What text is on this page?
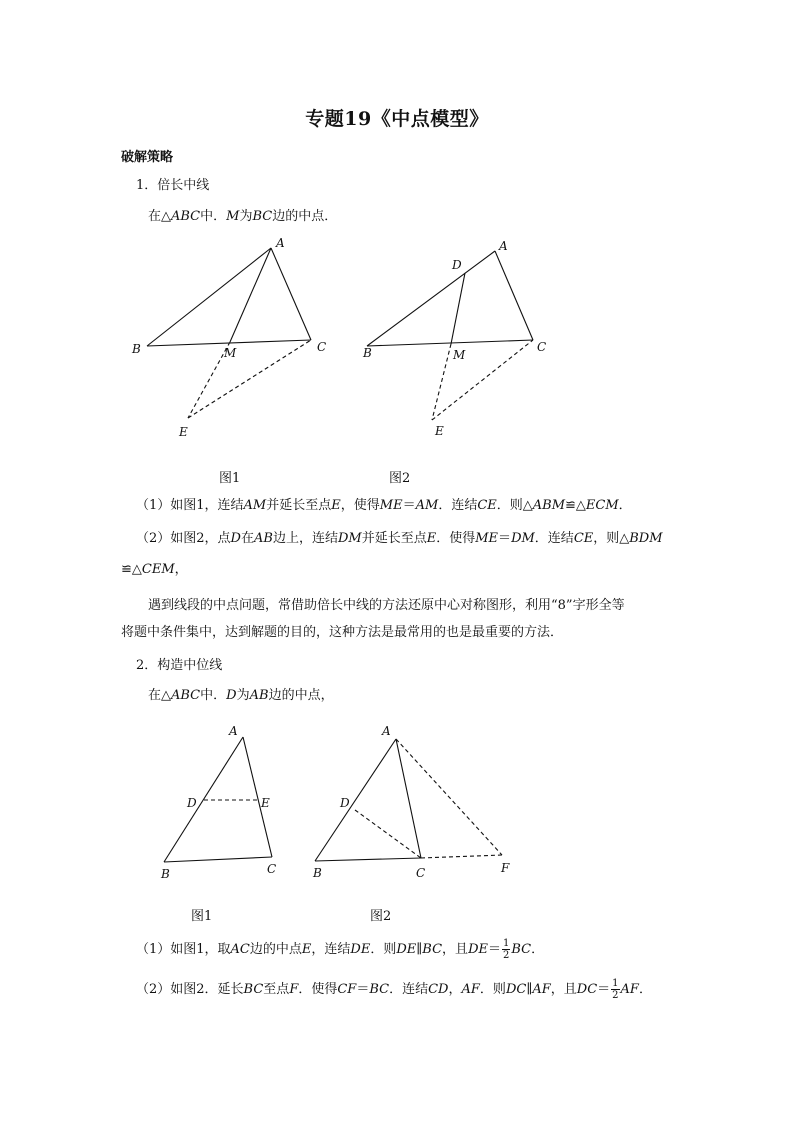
专题19《中点模型》
破解策略
1．倍长中线
在△ABC中．M为BC边的中点．
A
B	C
M
E
A
D
B	C
M
E
图1	图2
（1）如图1，连结AM并延长至点E，使得ME＝AM．连结CE．则△ABM≌△ECM．
（2）如图2，点D在AB边上，连结DM并延长至点E．使得ME＝DM．连结CE，则△BDM
≌△CEM，
遇到线段的中点问题，常借助倍长中线的方法还原中心对称图形，利用“8”字形全等
将题中条件集中，达到解题的目的，这种方法是最常用的也是最重要的方法．
2．构造中位线
在△ABC中．D为AB边的中点，
A
D	E
B	C
A
D
B	C	F
图1	图2
（1）如图1，取AC边的中点E，连结DE．则DE∥BC，且$DE= \frac{1}{2}$ BC．
（2）如图2．延长BC至点F．使得CF＝BC．连结CD，AF．则DC∥AF，且$DC= \frac{1}{2}$ AF．
